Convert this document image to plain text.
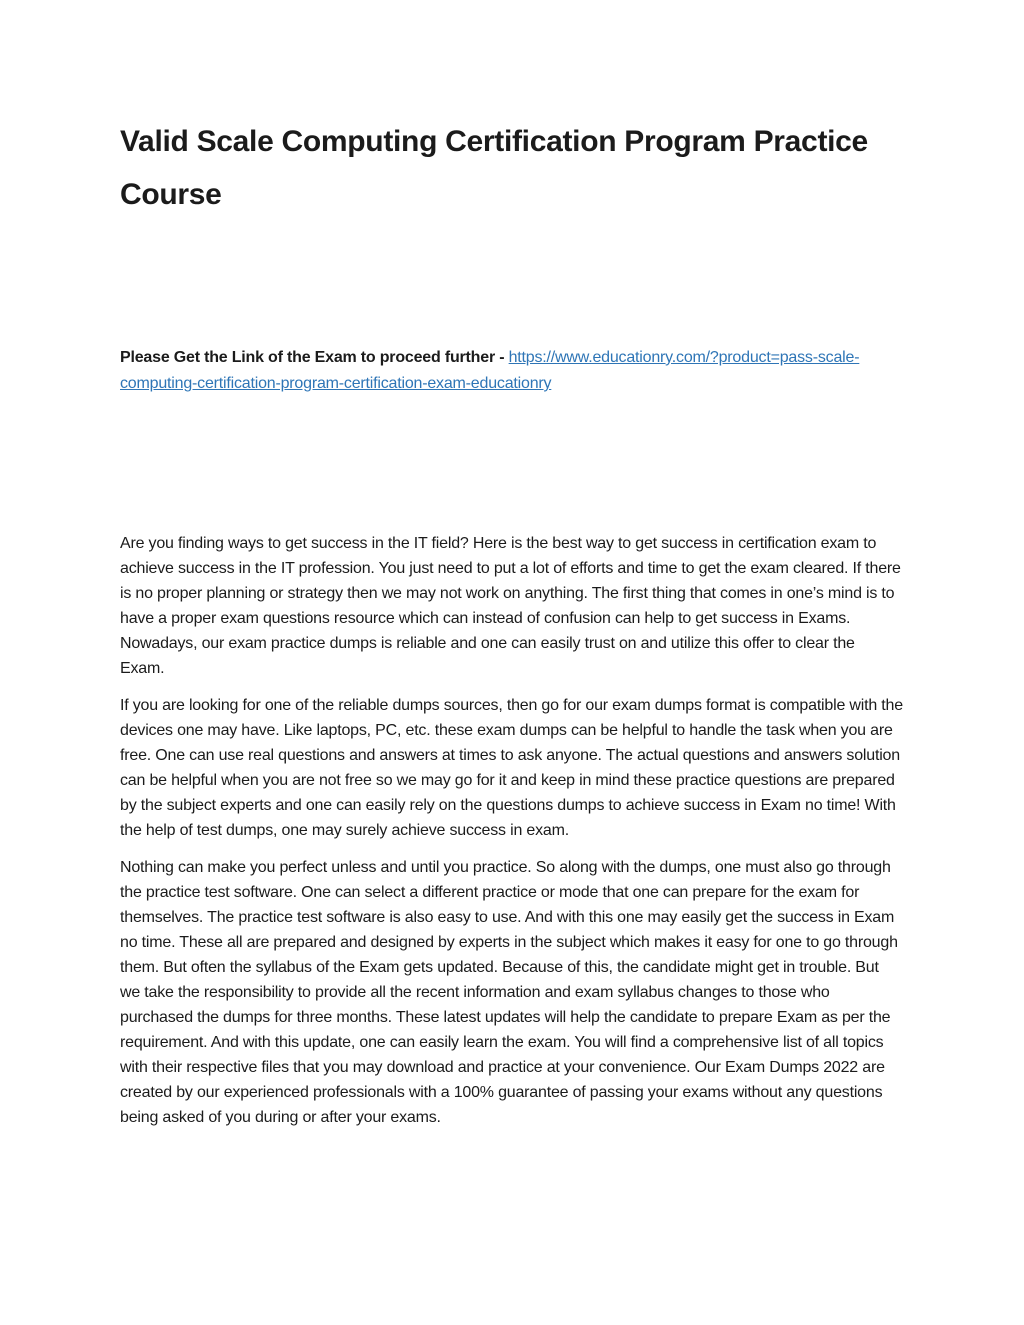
Valid Scale Computing Certification Program Practice Course

Please Get the Link of the Exam to proceed further - https://www.educationry.com/?product=pass-scale-computing-certification-program-certification-exam-educationry

Are you finding ways to get success in the IT field? Here is the best way to get success in certification exam to achieve success in the IT profession. You just need to put a lot of efforts and time to get the exam cleared. If there is no proper planning or strategy then we may not work on anything. The first thing that comes in one’s mind is to have a proper exam questions resource which can instead of confusion can help to get success in Exams. Nowadays, our exam practice dumps is reliable and one can easily trust on and utilize this offer to clear the Exam.

If you are looking for one of the reliable dumps sources, then go for our exam dumps format is compatible with the devices one may have. Like laptops, PC, etc. these exam dumps can be helpful to handle the task when you are free. One can use real questions and answers at times to ask anyone. The actual questions and answers solution can be helpful when you are not free so we may go for it and keep in mind these practice questions are prepared by the subject experts and one can easily rely on the questions dumps to achieve success in Exam no time! With the help of test dumps, one may surely achieve success in exam.

Nothing can make you perfect unless and until you practice. So along with the dumps, one must also go through the practice test software. One can select a different practice or mode that one can prepare for the exam for themselves. The practice test software is also easy to use. And with this one may easily get the success in Exam no time. These all are prepared and designed by experts in the subject which makes it easy for one to go through them. But often the syllabus of the Exam gets updated. Because of this, the candidate might get in trouble. But we take the responsibility to provide all the recent information and exam syllabus changes to those who purchased the dumps for three months. These latest updates will help the candidate to prepare Exam as per the requirement. And with this update, one can easily learn the exam. You will find a comprehensive list of all topics with their respective files that you may download and practice at your convenience. Our Exam Dumps 2022 are created by our experienced professionals with a 100% guarantee of passing your exams without any questions being asked of you during or after your exams.
